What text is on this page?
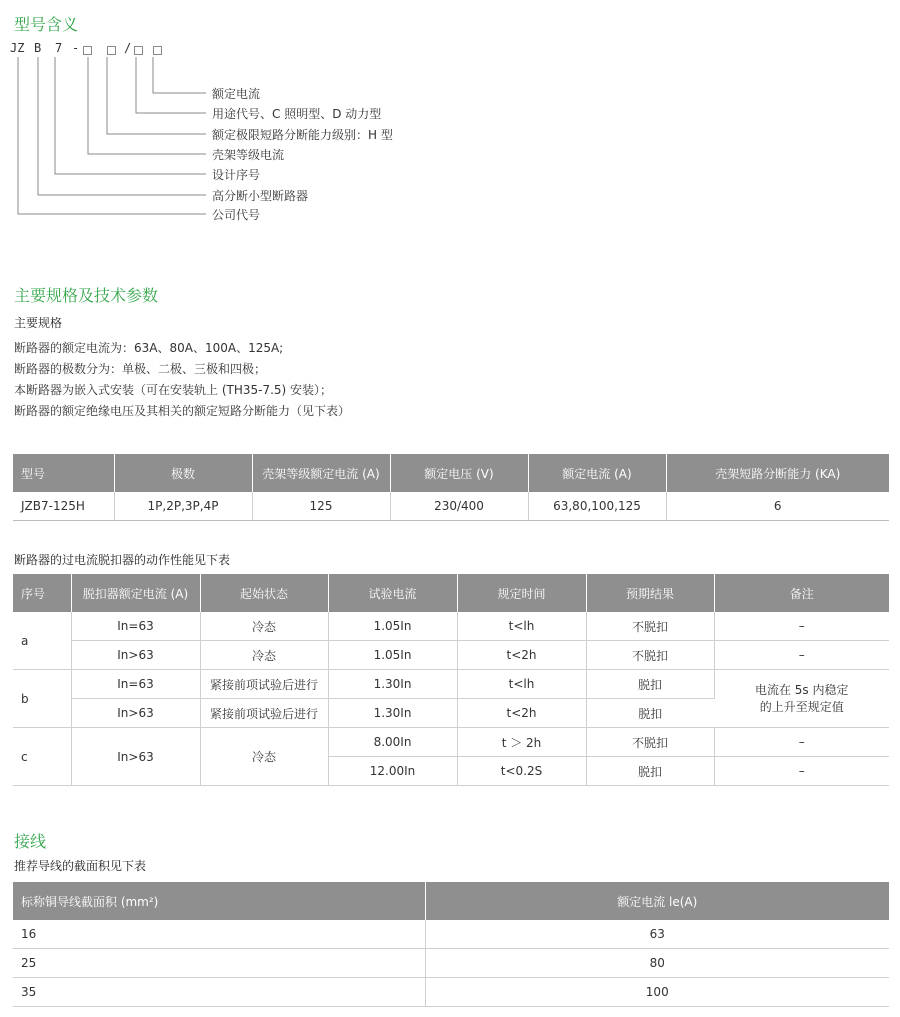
型号含义
JZ B 7 -	/
额定电流
用途代号、C 照明型、D 动力型
额定极限短路分断能力级别：H 型
壳架等级电流
设计序号
高分断小型断路器
公司代号
主要规格及技术参数

主要规格

断路器的额定电流为：63A、80A、100A、125A;
断路器的极数分为：单极、二极、三极和四极；
本断路器为嵌入式安装（可在安装轨上 (TH35-7.5) 安装）；
断路器的额定绝缘电压及其相关的额定短路分断能力（见下表）
型号	极数	壳架等级额定电流 (A)	额定电压 (V)	额定电流 (A)	壳架短路分断能力 (KA)
JZB7-125H	1P,2P,3P,4P	125	230/400	63,80,100,125	6

断路器的过电流脱扣器的动作性能见下表

序号	脱扣器额定电流 (A)	起始状态	试验电流	规定时间	预期结果	备注
a	In=63	冷态	1.05In	t<lh	不脱扣	–
	In>63	冷态	1.05In	t<2h	不脱扣	–
b	In=63	紧接前项试验后进行	1.30In	t<lh	脱扣	电流在 5s 内稳定
的上升至规定值

	In>63	紧接前项试验后进行	1.30In	t<2h	脱扣	
c	In>63	冷态	8.00In	t ＞ 2h	不脱扣	–
			12.00In	t<0.2S	脱扣	–
接线

推荐导线的截面积见下表

标称铜导线截面积 (mm²)	额定电流 le(A)
16	63
25	80
35	100
